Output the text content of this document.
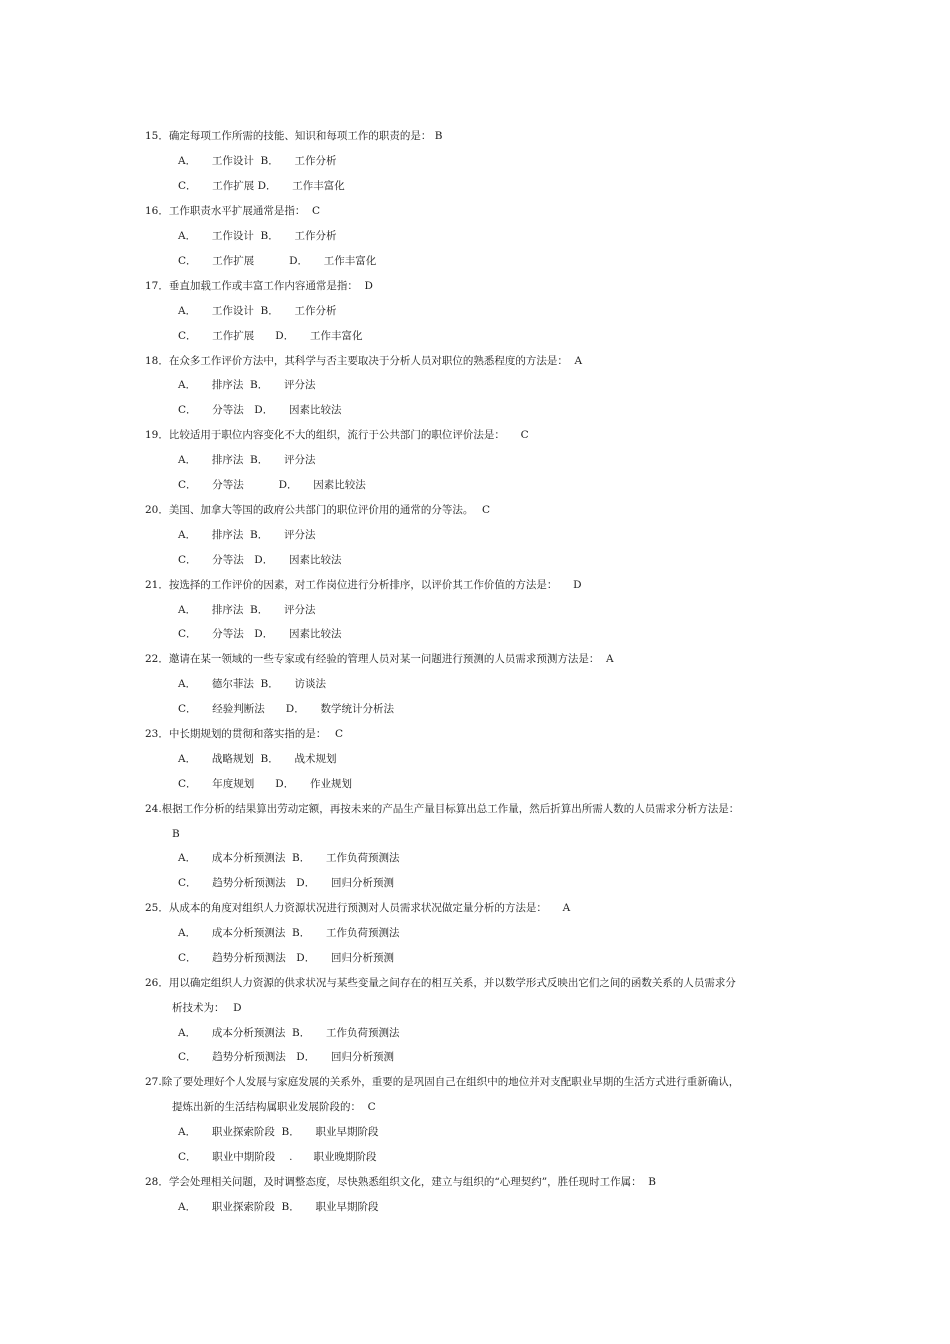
15．确定每项工作所需的技能、知识和每项工作的职责的是： B
A．　　工作设计  B．　　工作分析
C．　　工作扩展 D．　　工作丰富化
16．工作职责水平扩展通常是指：  C
A．　　工作设计  B．　　工作分析
C．　　工作扩展　　　 D．　　工作丰富化
17．垂直加载工作或丰富工作内容通常是指：  D
A．　　工作设计  B．　　工作分析
C．　　工作扩展　　D．　　工作丰富化
18．在众多工作评价方法中，其科学与否主要取决于分析人员对职位的熟悉程度的方法是：  A
A．　　排序法  B．　　评分法
C．　　分等法　D．　　因素比较法
19．比较适用于职位内容变化不大的组织，流行于公共部门的职位评价法是：　　C
A．　　排序法  B．　　评分法
C．　　分等法　　　 D．　　因素比较法
20．美国、加拿大等国的政府公共部门的职位评价用的通常的分等法。　 C
A．　　排序法  B．　　评分法
C．　　分等法　D．　　因素比较法
21．按选择的工作评价的因素，对工作岗位进行分析排序，以评价其工作价值的方法是：　　D
A．　　排序法  B．　　评分法
C．　　分等法　D．　　因素比较法
22．邀请在某一领域的一些专家或有经验的管理人员对某一问题进行预测的人员需求预测方法是：  A
A．　　德尔菲法  B．　　访谈法
C．　　经验判断法　　D．　　数学统计分析法
23．中长期规划的贯彻和落实指的是：　 C
A．　　战略规划  B．　　战术规划
C．　　年度规划　　D．　　作业规划
24.根据工作分析的结果算出劳动定额，再按未来的产品生产量目标算出总工作量，然后折算出所需人数的人员需求分析方法是：
B
A．　　成本分析预测法  B．　　工作负荷预测法
C．　　趋势分析预测法　D．　　回归分析预测
25．从成本的角度对组织人力资源状况进行预测对人员需求状况做定量分析的方法是：　　A
A．　　成本分析预测法  B．　　工作负荷预测法
C．　　趋势分析预测法　D．　　回归分析预测
26．用以确定组织人力资源的供求状况与某些变量之间存在的相互关系，并以数学形式反映出它们之间的函数关系的人员需求分
析技术为：　 D
A．　　成本分析预测法  B．　　工作负荷预测法
C．　　趋势分析预测法　D．　　回归分析预测
27.除了要处理好个人发展与家庭发展的关系外，重要的是巩固自己在组织中的地位并对支配职业早期的生活方式进行重新确认，
提炼出新的生活结构属职业发展阶段的：  C
A．　　职业探索阶段  B．　　职业早期阶段
C．　　职业中期阶段　 .　　职业晚期阶段
28．学会处理相关问题，及时调整态度，尽快熟悉组织文化，建立与组织的“心理契约”，胜任现时工作属：  B
A．　　职业探索阶段  B．　　职业早期阶段
